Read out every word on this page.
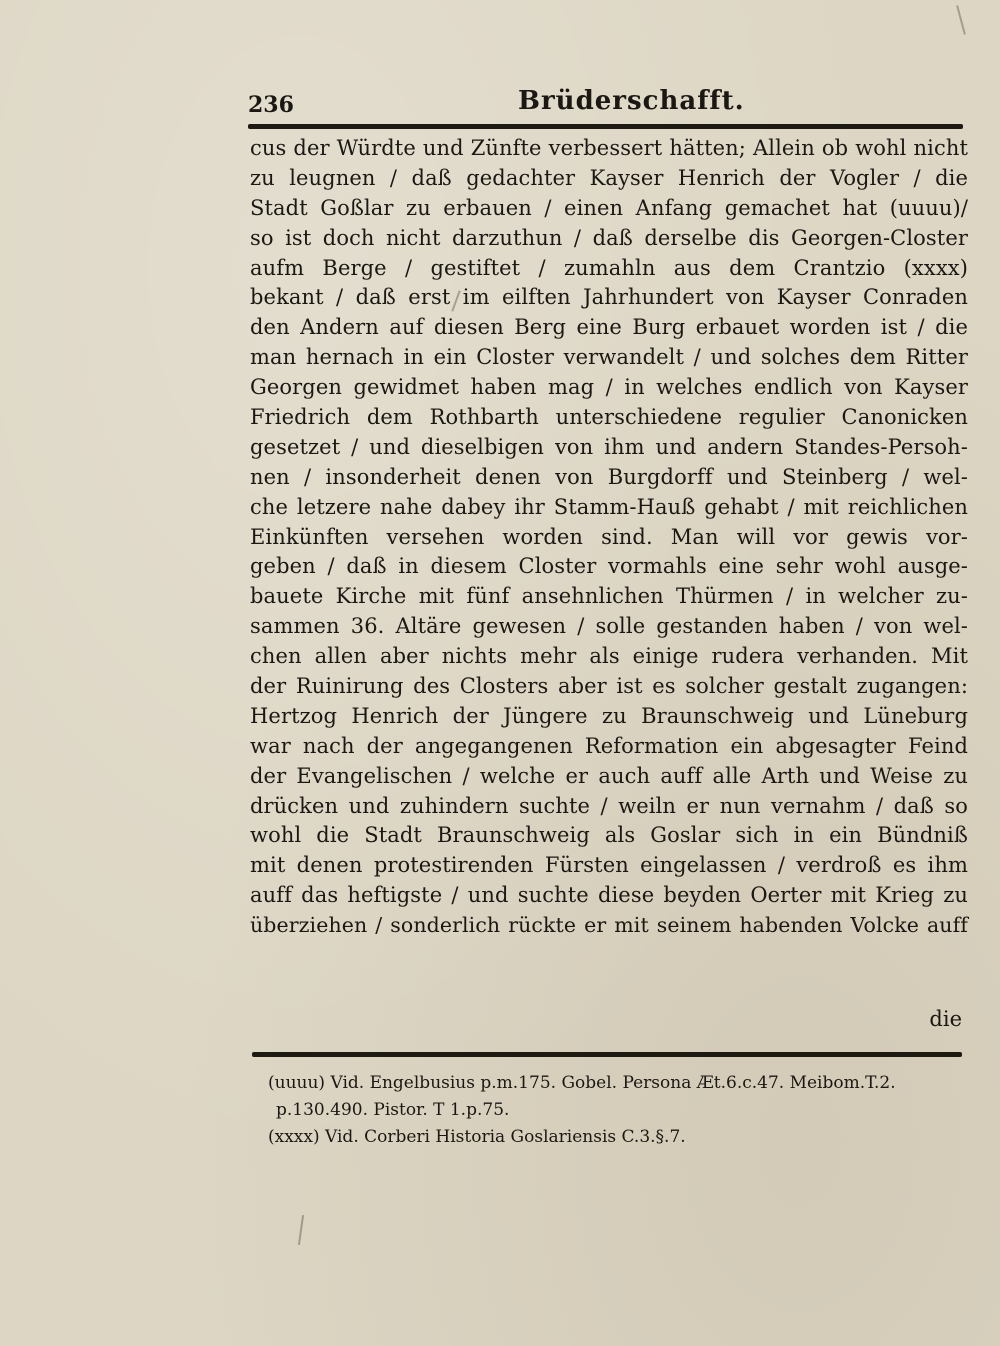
236	Brüderschafft.
cus der Würdte und Zünfte verbessert hätten; Allein ob wohl nicht
zu leugnen / daß gedachter Kayser Henrich der Vogler / die
Stadt Goßlar zu erbauen / einen Anfang gemachet hat (uuuu)/
so ist doch nicht darzuthun / daß derselbe dis Georgen-Closter
aufm Berge / gestiftet / zumahln aus dem Crantzio (xxxx)
bekant / daß erst im eilften Jahrhundert von Kayser Conraden
den Andern auf diesen Berg eine Burg erbauet worden ist / die
man hernach in ein Closter verwandelt / und solches dem Ritter
Georgen gewidmet haben mag / in welches endlich von Kayser
Friedrich dem Rothbarth unterschiedene regulier Canonicken
gesetzet / und dieselbigen von ihm und andern Standes-Persoh-
nen / insonderheit denen von Burgdorff und Steinberg / wel-
che letzere nahe dabey ihr Stamm-Hauß gehabt / mit reichlichen
Einkünften versehen worden sind. Man will vor gewis vor-
geben / daß in diesem Closter vormahls eine sehr wohl ausge-
bauete Kirche mit fünf ansehnlichen Thürmen / in welcher zu-
sammen 36. Altäre gewesen / solle gestanden haben / von wel-
chen allen aber nichts mehr als einige rudera verhanden. Mit
der Ruinirung des Closters aber ist es solcher gestalt zugangen:
Hertzog Henrich der Jüngere zu Braunschweig und Lüneburg
war nach der angegangenen Reformation ein abgesagter Feind
der Evangelischen / welche er auch auff alle Arth und Weise zu
drücken und zuhindern suchte / weiln er nun vernahm / daß so
wohl die Stadt Braunschweig als Goslar sich in ein Bündniß
mit denen protestirenden Fürsten eingelassen / verdroß es ihm
auff das heftigste / und suchte diese beyden Oerter mit Krieg zu
überziehen / sonderlich rückte er mit seinem habenden Volcke auff
die
(uuuu) Vid. Engelbusius p.m.175. Gobel. Persona Æt.6.c.47. Meibom.T.2.
p.130.490. Pistor. T 1.p.75.
(xxxx) Vid. Corberi Historia Goslariensis C.3.§.7.
